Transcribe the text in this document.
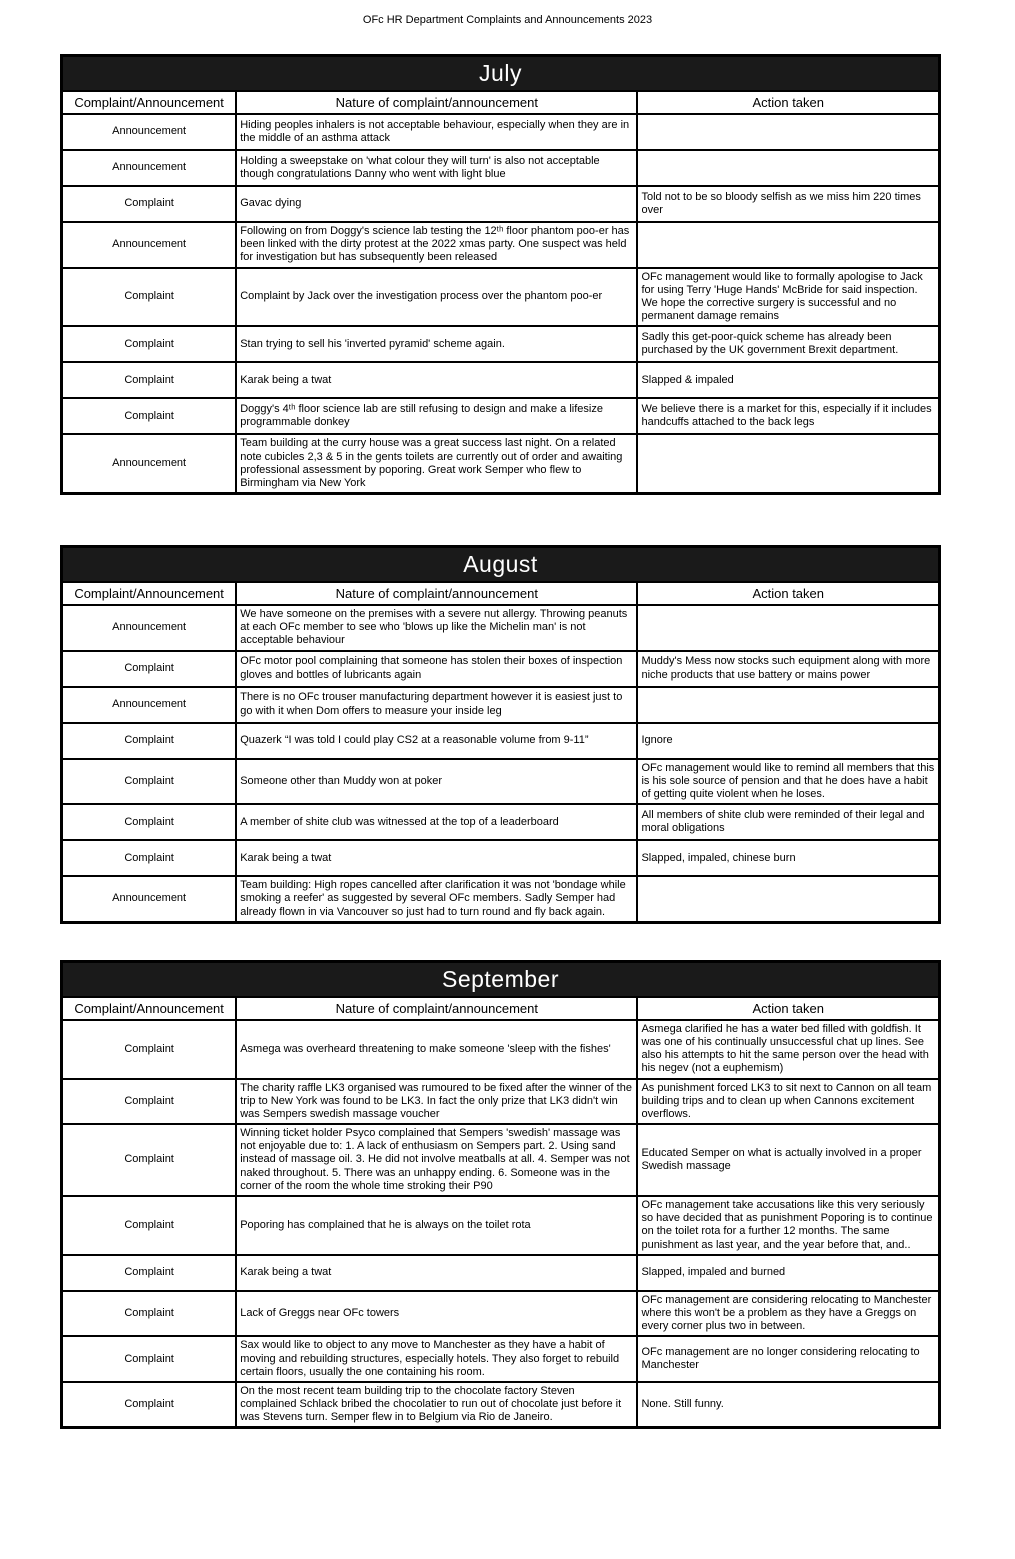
OFc HR Department Complaints and Announcements 2023
July		
Complaint/Announcement	Nature of complaint/announcement	Action taken
Announcement	Hiding peoples inhalers is not acceptable behaviour, especially when they are in the middle of an asthma attack	
Announcement	Holding a sweepstake on 'what colour they will turn' is also not acceptable though congratulations Danny who went with light blue	
Complaint	Gavac dying	Told not to be so bloody selfish as we miss him 220 times over
Announcement	Following on from Doggy's science lab testing the 12ᵗʰ floor phantom poo-er has been linked with the dirty protest at the 2022 xmas party. One suspect was held for investigation but has subsequently been released	
Complaint	Complaint by Jack over the investigation process over the phantom poo-er	OFc management would like to formally apologise to Jack for using Terry 'Huge Hands' McBride for said inspection. We hope the corrective surgery is successful and no permanent damage remains
Complaint	Stan trying to sell his 'inverted pyramid' scheme again.	Sadly this get-poor-quick scheme has already been purchased by the UK government Brexit department.
Complaint	Karak being a twat	Slapped & impaled
Complaint	Doggy's 4ᵗʰ floor science lab are still refusing to design and make a lifesize programmable donkey	We believe there is a market for this, especially if it includes handcuffs attached to the back legs
Announcement	Team building at the curry house was a great success last night. On a related note cubicles 2,3 & 5 in the gents toilets are currently out of order and awaiting professional assessment by poporing. Great work Semper who flew to Birmingham via New York	
August		
Complaint/Announcement	Nature of complaint/announcement	Action taken
Announcement	We have someone on the premises with a severe nut allergy. Throwing peanuts at each OFc member to see who 'blows up like the Michelin man' is not acceptable behaviour	
Complaint	OFc motor pool complaining that someone has stolen their boxes of inspection gloves and bottles of lubricants again	Muddy's Mess now stocks such equipment along with more niche products that use battery or mains power
Announcement	There is no OFc trouser manufacturing department however it is easiest just to go with it when Dom offers to measure your inside leg	
Complaint	Quazerk “I was told I could play CS2 at a reasonable volume from 9-11”	Ignore
Complaint	Someone other than Muddy won at poker	OFc management would like to remind all members that this is his sole source of pension and that he does have a habit of getting quite violent when he loses.
Complaint	A member of shite club was witnessed at the top of a leaderboard	All members of shite club were reminded of their legal and moral obligations
Complaint	Karak being a twat	Slapped, impaled, chinese burn
Announcement	Team building: High ropes cancelled after clarification it was not 'bondage while smoking a reefer' as suggested by several OFc members. Sadly Semper had already flown in via Vancouver so just had to turn round and fly back again.	
September		
Complaint/Announcement	Nature of complaint/announcement	Action taken
Complaint	Asmega was overheard threatening to make someone 'sleep with the fishes'	Asmega clarified he has a water bed filled with goldfish. It was one of his continually unsuccessful chat up lines. See also his attempts to hit the same person over the head with his negev (not a euphemism)
Complaint	The charity raffle LK3 organised was rumoured to be fixed after the winner of the trip to New York was found to be LK3. In fact the only prize that LK3 didn't win was Sempers swedish massage voucher	As punishment forced LK3 to sit next to Cannon on all team building trips and to clean up when Cannons excitement overflows.
Complaint	Winning ticket holder Psyco complained that Sempers 'swedish' massage was not enjoyable due to: 1. A lack of enthusiasm on Sempers part. 2. Using sand instead of massage oil. 3. He did not involve meatballs at all. 4. Semper was not naked throughout. 5. There was an unhappy ending. 6. Someone was in the corner of the room the whole time stroking their P90	Educated Semper on what is actually involved in a proper Swedish massage
Complaint	Poporing has complained that he is always on the toilet rota	OFc management take accusations like this very seriously so have decided that as punishment Poporing is to continue on the toilet rota for a further 12 months. The same punishment as last year, and the year before that, and..
Complaint	Karak being a twat	Slapped, impaled and burned
Complaint	Lack of Greggs near OFc towers	OFc management are considering relocating to Manchester where this won't be a problem as they have a Greggs on every corner plus two in between.
Complaint	Sax would like to object to any move to Manchester as they have a habit of moving and rebuilding structures, especially hotels. They also forget to rebuild certain floors, usually the one containing his room.	OFc management are no longer considering relocating to Manchester
Complaint	On the most recent team building trip to the chocolate factory Steven complained Schlack bribed the chocolatier to run out of chocolate just before it was Stevens turn. Semper flew in to Belgium via Rio de Janeiro.	None. Still funny.
